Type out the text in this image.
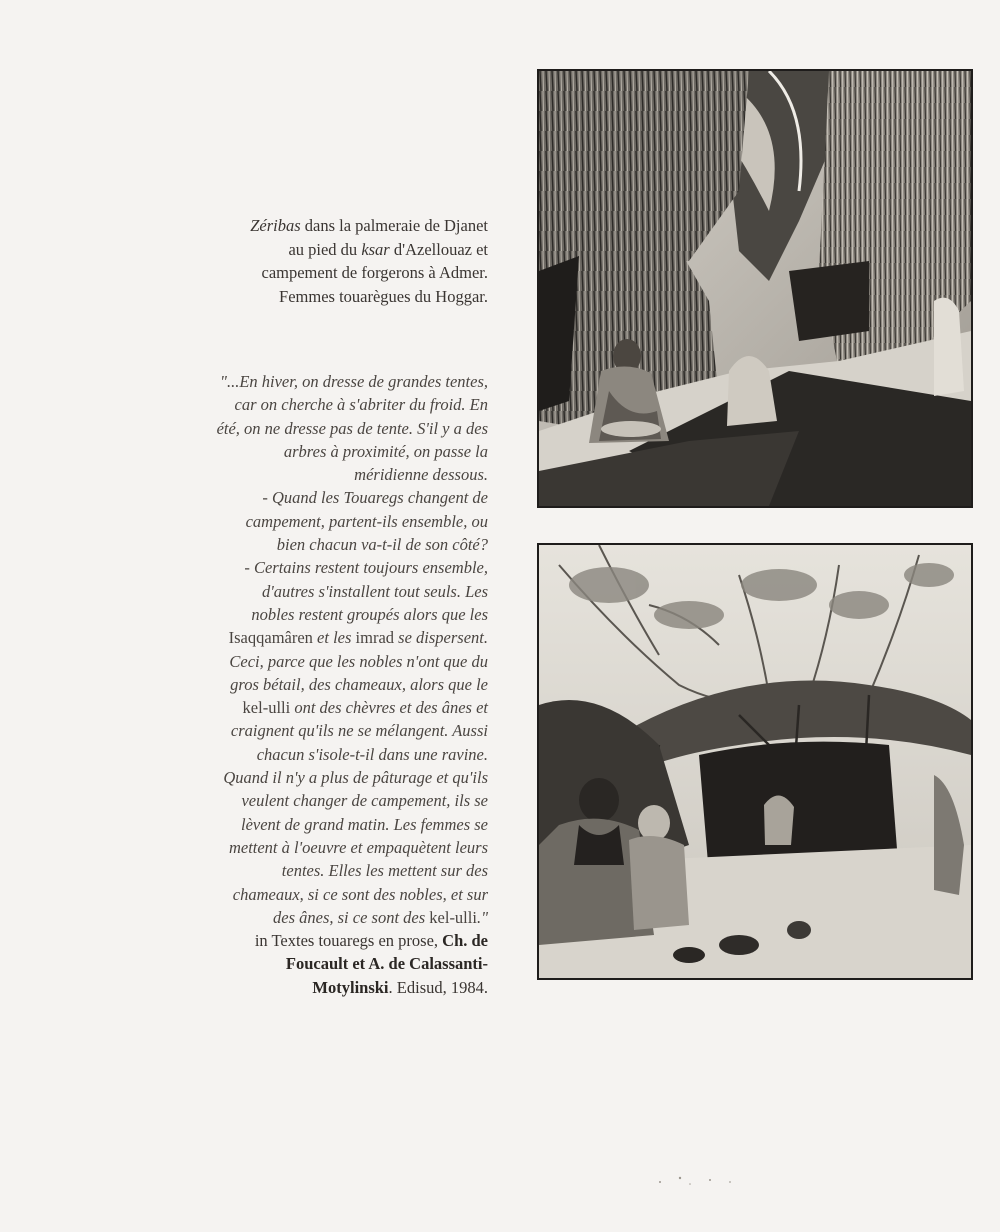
Zéribas dans la palmeraie de Djanet
au pied du ksar d'Azellouaz et
campement de forgerons à Admer.
Femmes touarègues du Hoggar.
"...En hiver, on dresse de grandes tentes,
car on cherche à s'abriter du froid. En
été, on ne dresse pas de tente. S'il y a des
arbres à proximité, on passe la
méridienne dessous.
- Quand les Touaregs changent de
campement, partent-ils ensemble, ou
bien chacun va-t-il de son côté?
- Certains restent toujours ensemble,
d'autres s'installent tout seuls. Les
nobles restent groupés alors que les
Isaqqamâren et les imrad se dispersent.
Ceci, parce que les nobles n'ont que du
gros bétail, des chameaux, alors que le
kel-ulli ont des chèvres et des ânes et
craignent qu'ils ne se mélangent. Aussi
chacun s'isole-t-il dans une ravine.
Quand il n'y a plus de pâturage et qu'ils
veulent changer de campement, ils se
lèvent de grand matin. Les femmes se
mettent à l'oeuvre et empaquètent leurs
tentes. Elles les mettent sur des
chameaux, si ce sont des nobles, et sur
des ânes, si ce sont des kel-ulli."
in Textes touaregs en prose, Ch. de
Foucault et A. de Calassanti-
Motylinski. Edisud, 1984.
